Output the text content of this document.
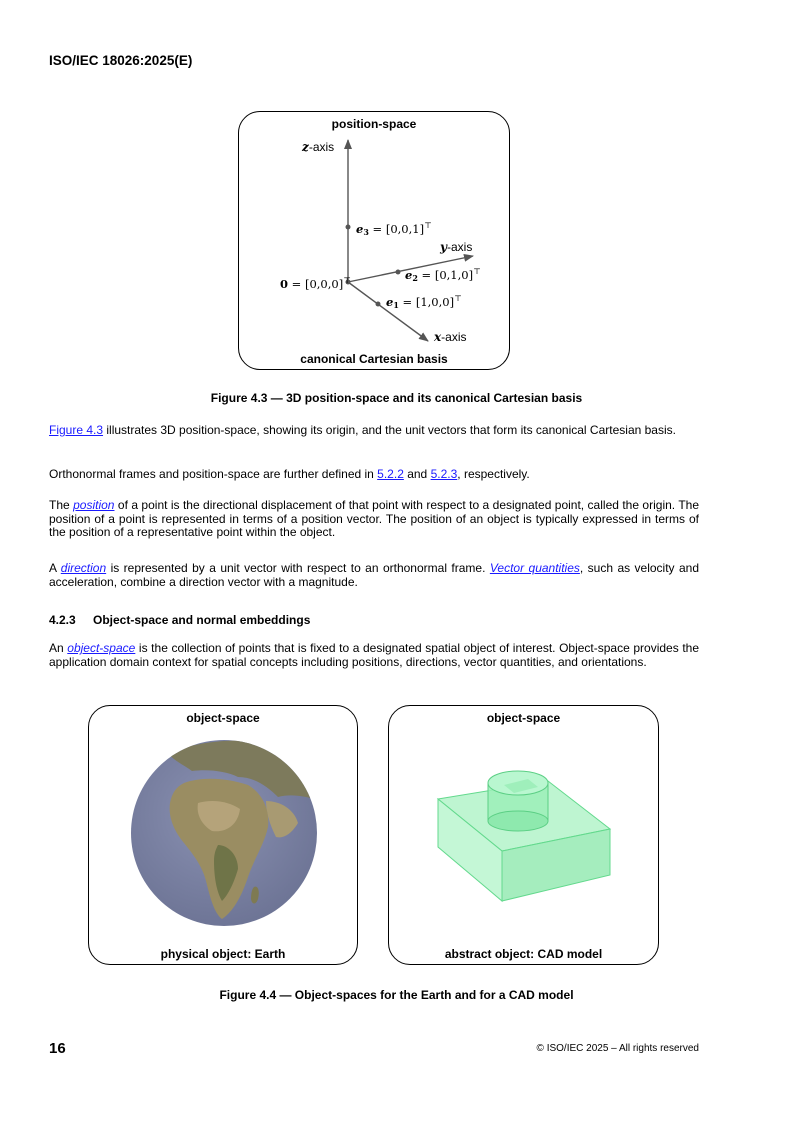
ISO/IEC 18026:2025(E)
position-space
z-axis
e3 = [0,0,1]⊤
y-axis
e2 = [0,1,0]⊤
0 = [0,0,0]⊤
e1 = [1,0,0]⊤
x-axis
canonical Cartesian basis
Figure 4.3 — 3D position-space and its canonical Cartesian basis
Figure 4.3 illustrates 3D position-space, showing its origin, and the unit vectors that form its canonical Cartesian basis.
Orthonormal frames and position-space are further defined in 5.2.2 and 5.2.3, respectively.
The position of a point is the directional displacement of that point with respect to a designated point, called the origin. The position of a point is represented in terms of a position vector. The position of an object is typically expressed in terms of the position of a representative point within the object.
A direction is represented by a unit vector with respect to an orthonormal frame. Vector quantities, such as velocity and acceleration, combine a direction vector with a magnitude.
4.2.3 Object-space and normal embeddings
An object-space is the collection of points that is fixed to a designated spatial object of interest. Object-space provides the application domain context for spatial concepts including positions, directions, vector quantities, and orientations.
object-space
physical object: Earth
object-space
abstract object: CAD model
Figure 4.4 — Object-spaces for the Earth and for a CAD model
16	© ISO/IEC 2025 – All rights reserved
